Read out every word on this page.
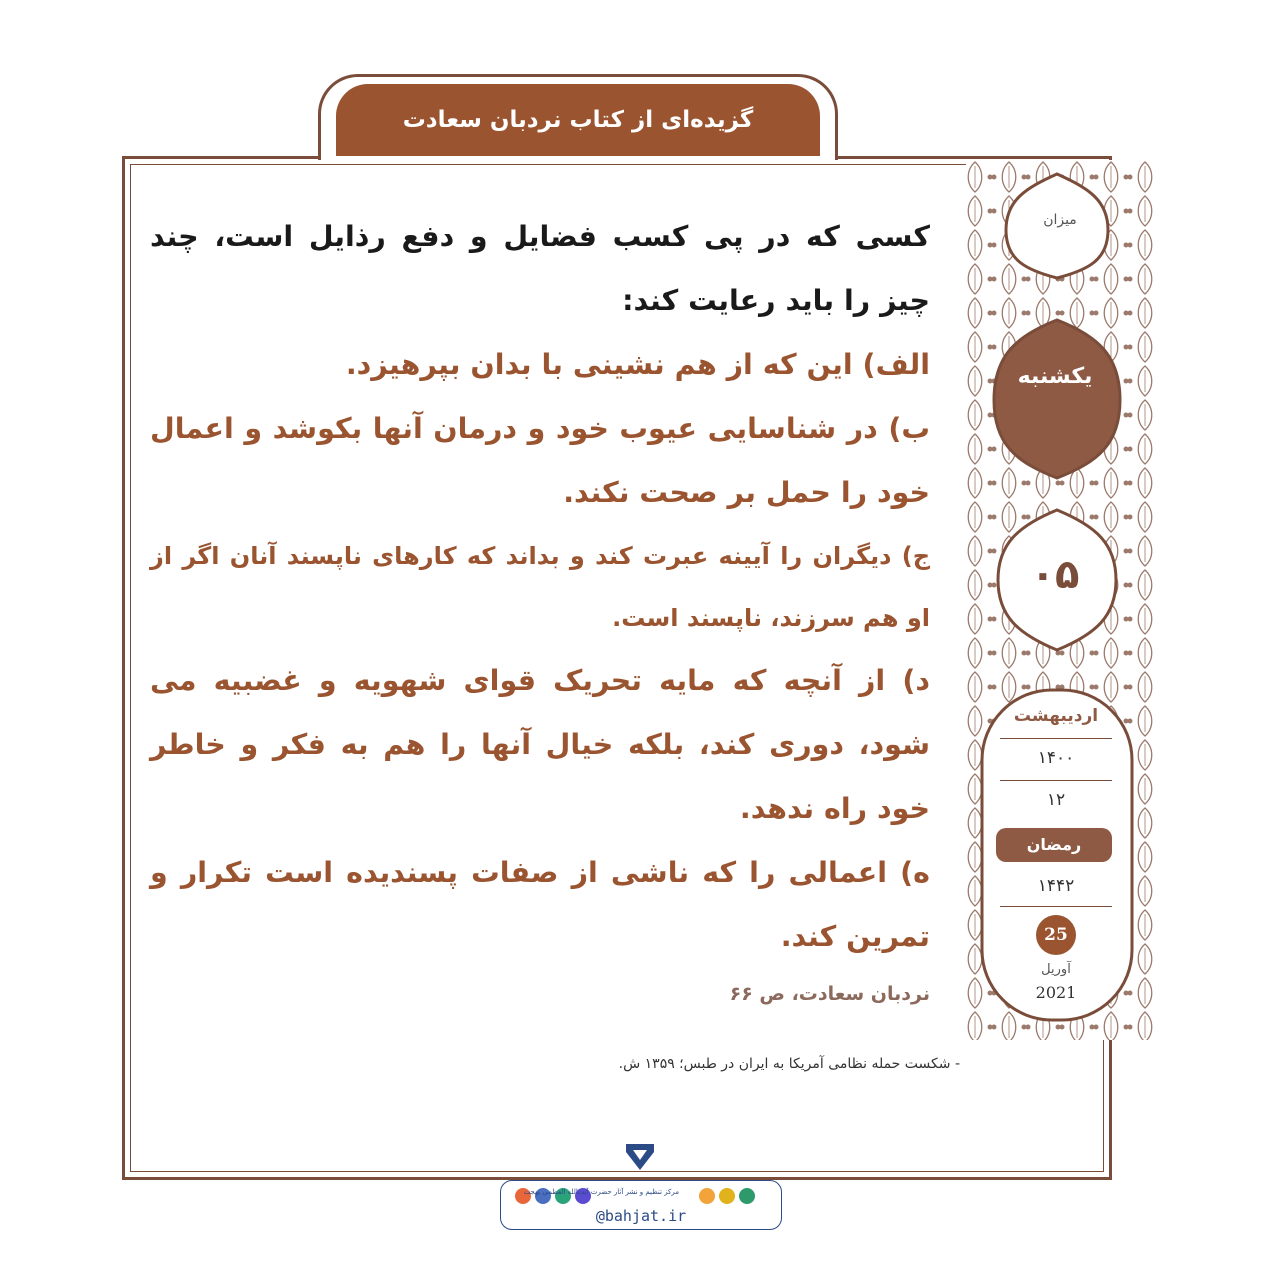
گزیده‌ای از کتاب نردبان سعادت
میزان
یکشنبه
۰۵
اردیبهشت
۱۴۰۰
۱۲
رمضان
۱۴۴۲
25
آوریل
2021

کسی که در پی کسب فضایل و دفع رذایل است، چند چیز را باید رعایت کند:

الف) این که از هم نشینی با بدان بپرهیزد.

ب) در شناسایی عیوب خود و درمان آنها بکوشد و اعمال خود را حمل بر صحت نکند.

ج) دیگران را آیینه عبرت کند و بداند که کارهای ناپسند آنان اگر از او هم سرزند، ناپسند است.

د) از آنچه که مایه تحریک قوای شهویه و غضبیه می شود، دوری کند، بلکه خیال آنها را هم به فکر و خاطر خود راه ندهد.

ه) اعمالی را که ناشی از صفات پسندیده است تکرار و تمرین کند.

نردبان سعادت، ص ۶۶
- شکست حمله نظامی آمریکا به ایران در طبس؛ ۱۳۵۹ ش.
مرکز تنظیم و نشر آثار حضرت آیت‌الله العظمی بهجت
@bahjat.ir
